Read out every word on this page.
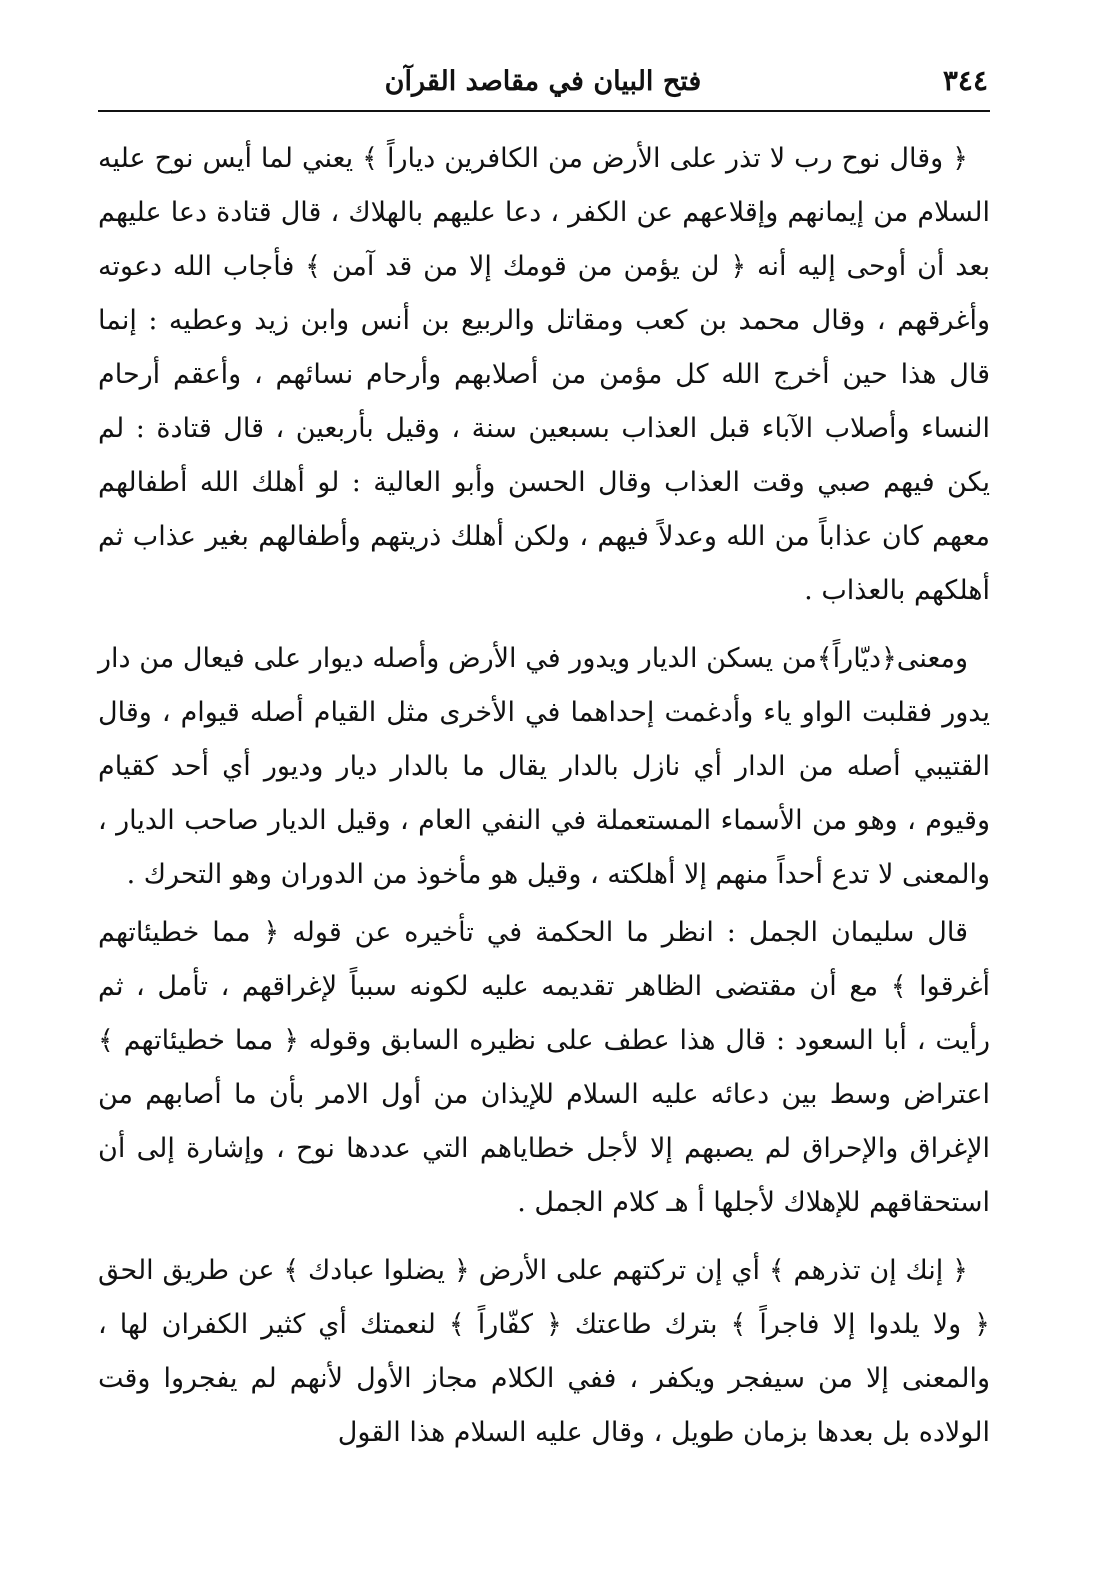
٣٤٤
فتح البيان في مقاصد القرآن

﴿ وقال نوح رب لا تذر على الأرض من الكافرين دياراً ﴾ يعني لما أيس نوح عليه السلام من إيمانهم وإقلاعهم عن الكفر ، دعا عليهم بالهلاك ، قال قتادة دعا عليهم بعد أن أوحى إليه أنه ﴿ لن يؤمن من قومك إلا من قد آمن ﴾ فأجاب الله دعوته وأغرقهم ، وقال محمد بن كعب ومقاتل والربيع بن أنس وابن زيد وعطيه : إنما قال هذا حين أخرج الله كل مؤمن من أصلابهم وأرحام نسائهم ، وأعقم أرحام النساء وأصلاب الآباء قبل العذاب بسبعين سنة ، وقيل بأربعين ، قال قتادة : لم يكن فيهم صبي وقت العذاب وقال الحسن وأبو العالية : لو أهلك الله أطفالهم معهم كان عذاباً من الله وعدلاً فيهم ، ولكن أهلك ذريتهم وأطفالهم بغير عذاب ثم أهلكهم بالعذاب .

ومعنى﴿ديّاراً﴾من يسكن الديار ويدور في الأرض وأصله ديوار على فيعال من دار يدور فقلبت الواو ياء وأدغمت إحداهما في الأخرى مثل القيام أصله قيوام ، وقال القتيبي أصله من الدار أي نازل بالدار يقال ما بالدار ديار وديور أي أحد كقيام وقيوم ، وهو من الأسماء المستعملة في النفي العام ، وقيل الديار صاحب الديار ، والمعنى لا تدع أحداً منهم إلا أهلكته ، وقيل هو مأخوذ من الدوران وهو التحرك .

قال سليمان الجمل : انظر ما الحكمة في تأخيره عن قوله ﴿ مما خطيئاتهم أغرقوا ﴾ مع أن مقتضى الظاهر تقديمه عليه لكونه سبباً لإغراقهم ، تأمل ، ثم رأيت ، أبا السعود : قال هذا عطف على نظيره السابق وقوله ﴿ مما خطيئاتهم ﴾ اعتراض وسط بين دعائه عليه السلام للإيذان من أول الامر بأن ما أصابهم من الإغراق والإحراق لم يصبهم إلا لأجل خطاياهم التي عددها نوح ، وإشارة إلى أن استحقاقهم للإهلاك لأجلها أ هـ كلام الجمل .

﴿ إنك إن تذرهم ﴾ أي إن تركتهم على الأرض ﴿ يضلوا عبادك ﴾ عن طريق الحق ﴿ ولا يلدوا إلا فاجراً ﴾ بترك طاعتك ﴿ كفّاراً ﴾ لنعمتك أي كثير الكفران لها ، والمعنى إلا من سيفجر ويكفر ، ففي الكلام مجاز الأول لأنهم لم يفجروا وقت الولاده بل بعدها بزمان طويل ، وقال عليه السلام هذا القول
